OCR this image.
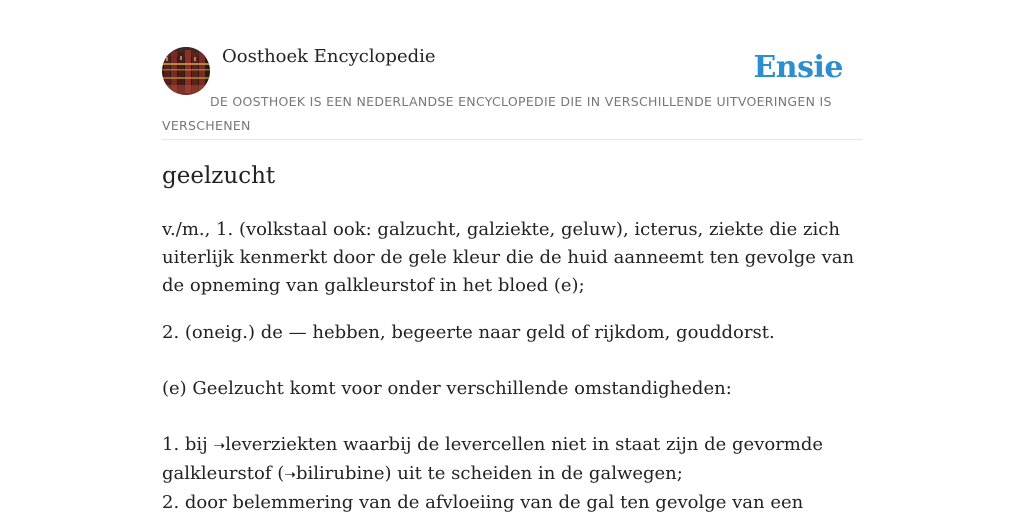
Oosthoek Encyclopedie	Ensie
DE OOSTHOEK IS EEN NEDERLANDSE ENCYCLOPEDIE DIE IN VERSCHILLENDE UITVOERINGEN IS VERSCHENEN
geelzucht

v./m., 1. (volkstaal ook: galzucht, galziekte, geluw), icterus, ziekte die zich uiterlijk kenmerkt door de gele kleur die de huid aanneemt ten gevolge van de opneming van galkleurstof in het bloed (e);

2. (oneig.) de — hebben, begeerte naar geld of rijkdom, gouddorst.

(e) Geelzucht komt voor onder verschillende omstandigheden:

1. bij ➝leverziekten waarbij de levercellen niet in staat zijn de gevormde galkleurstof (➝bilirubine) uit te scheiden in de galwegen;
2. door belemmering van de afvloeiing van de gal ten gevolge van een
